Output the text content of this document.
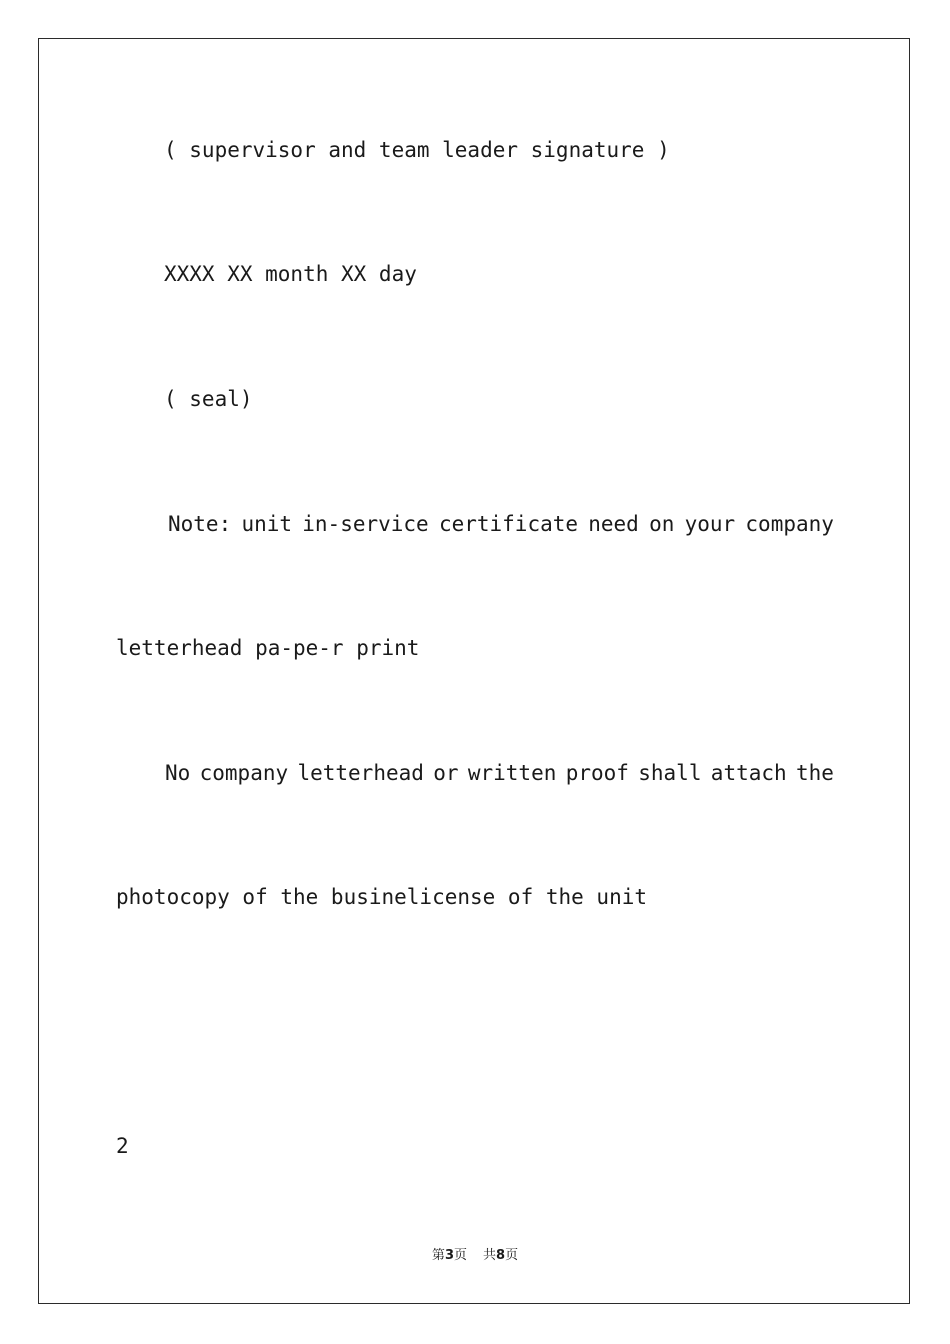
( supervisor and team leader signature )
XXXX XX month XX day
( seal)
Note: unit in-service certificate need on your company
letterhead pa-pe-r print
No company letterhead or written proof shall attach the
photocopy of the businelicense of the unit
2
第3页 共8页
